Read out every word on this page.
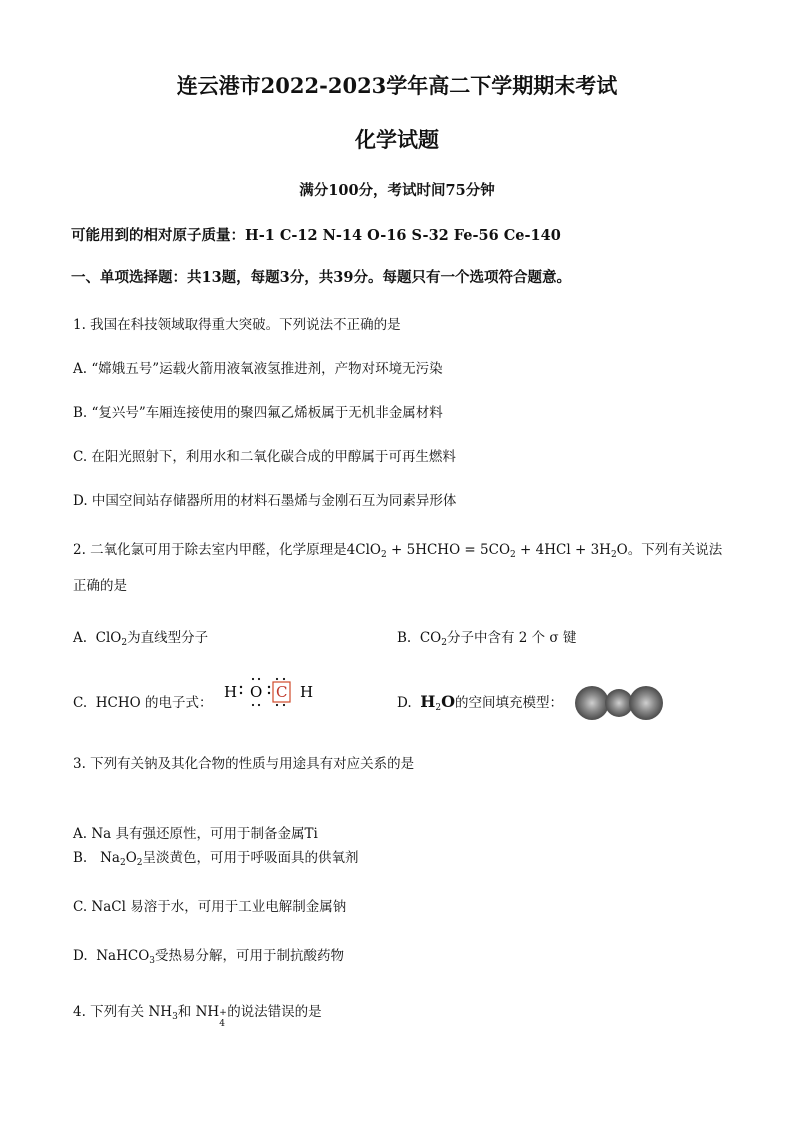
连云港市2022-2023学年高二下学期期末考试
化学试题
满分100分，考试时间75分钟
可能用到的相对原子质量：H-1 C-12 N-14 O-16 S-32 Fe-56 Ce-140
一、单项选择题：共13题，每题3分，共39分。每题只有一个选项符合题意。
1. 我国在科技领域取得重大突破。下列说法不正确的是
A. “嫦娥五号”运载火箭用液氧液氢推进剂，产物对环境无污染
B. “复兴号”车厢连接使用的聚四氟乙烯板属于无机非金属材料
C. 在阳光照射下，利用水和二氧化碳合成的甲醇属于可再生燃料
D. 中国空间站存储器所用的材料石墨烯与金刚石互为同素异形体
2. 二氧化氯可用于除去室内甲醛，化学原理是4ClO$_2$ + 5HCHO = $5CO_2 + 4HCl + 3H_2O$。下列有关说法
正确的是
A. ClO$_2$为直线型分子	B. $CO_2$分子中含有 2 个 σ 键
C. HCHO 的电子式：
H O C H
D. $H_2O$的空间填充模型：
3. 下列有关钠及其化合物的性质与用途具有对应关系的是
A. Na 具有强还原性，可用于制备金属Ti
B. $Na_2O_2$呈淡黄色，可用于呼吸面具的供氧剂
C. NaCl 易溶于水，可用于工业电解制金属钠
D. NaHCO$_3$受热易分解，可用于制抗酸药物
4. 下列有关 $NH_3$和 NH +
4
的说法错误的是
